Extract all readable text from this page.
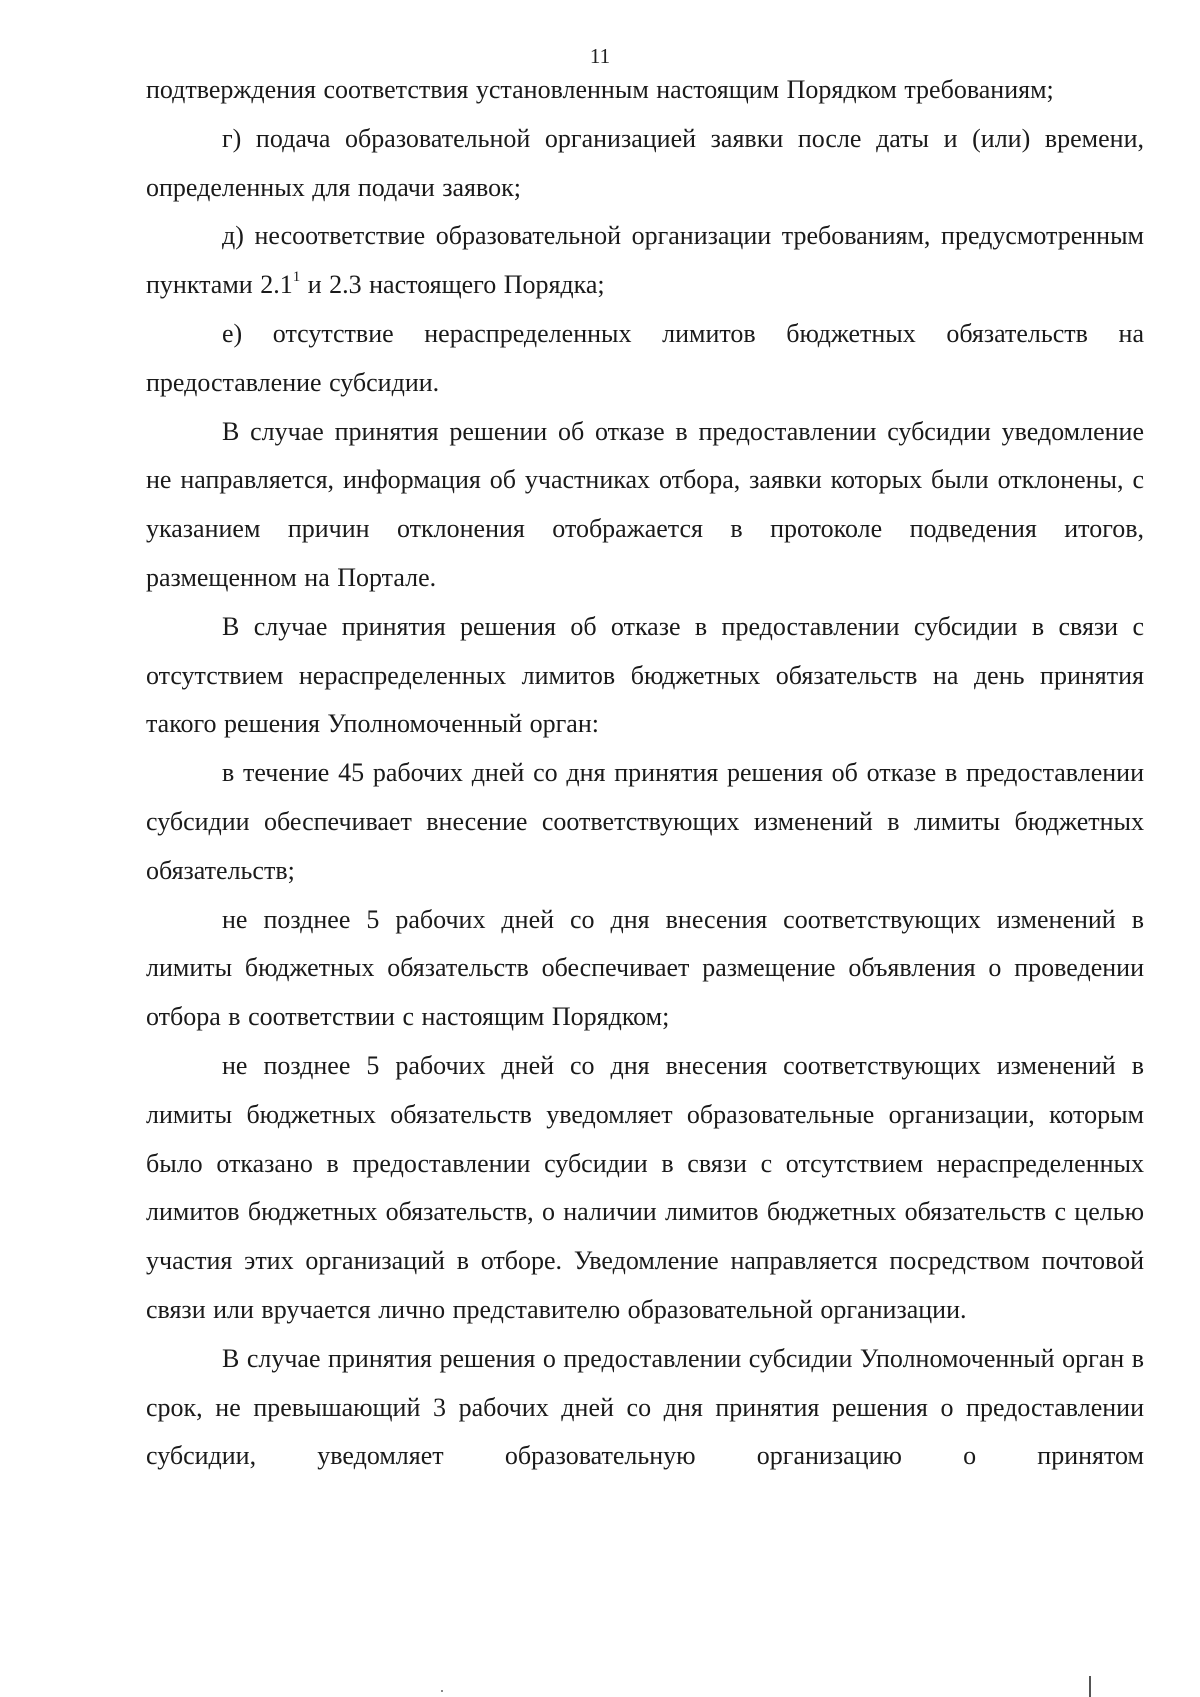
11

подтверждения соответствия установленным настоящим Порядком требованиям;

г) подача образовательной организацией заявки после даты и (или) времени, определенных для подачи заявок;

д) несоответствие образовательной организации требованиям, предусмотренным пунктами $2.1^1$ и 2.3 настоящего Порядка;

е) отсутствие нераспределенных лимитов бюджетных обязательств на предоставление субсидии.

В случае принятия решении об отказе в предоставлении субсидии уведомление не направляется, информация об участниках отбора, заявки которых были отклонены, с указанием причин отклонения отображается в протоколе подведения итогов, размещенном на Портале.

В случае принятия решения об отказе в предоставлении субсидии в связи с отсутствием нераспределенных лимитов бюджетных обязательств на день принятия такого решения Уполномоченный орган:

в течение 45 рабочих дней со дня принятия решения об отказе в предоставлении субсидии обеспечивает внесение соответствующих изменений в лимиты бюджетных обязательств;

не позднее 5 рабочих дней со дня внесения соответствующих изменений в лимиты бюджетных обязательств обеспечивает размещение объявления о проведении отбора в соответствии с настоящим Порядком;

не позднее 5 рабочих дней со дня внесения соответствующих изменений в лимиты бюджетных обязательств уведомляет образовательные организации, которым было отказано в предоставлении субсидии в связи с отсутствием нераспределенных лимитов бюджетных обязательств, о наличии лимитов бюджетных обязательств с целью участия этих организаций в отборе. Уведомление направляется посредством почтовой связи или вручается лично представителю образовательной организации.

В случае принятия решения о предоставлении субсидии Уполномоченный орган в срок, не превышающий 3 рабочих дней со дня принятия решения о предоставлении субсидии, уведомляет образовательную организацию о принятом
